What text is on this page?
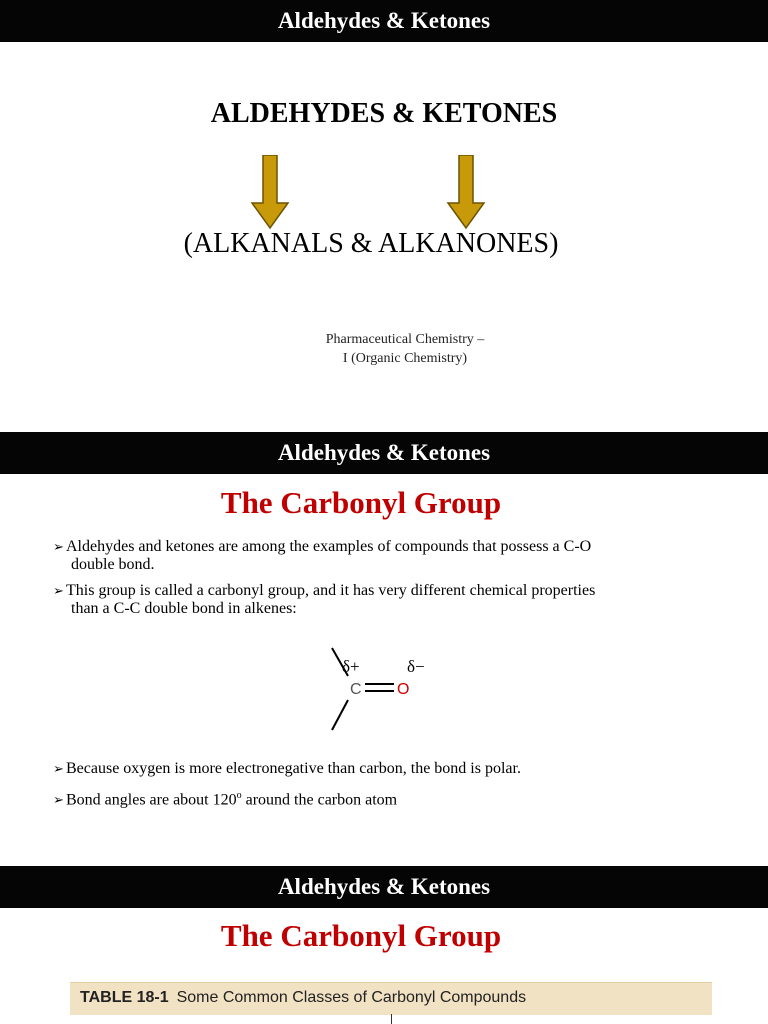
Aldehydes & Ketones
ALDEHYDES & KETONES
(ALKANALS & ALKANONES)
Pharmaceutical Chemistry –
I (Organic Chemistry)
Aldehydes & Ketones
The Carbonyl Group
➢ Aldehydes and ketones are among the examples of compounds that possess a C-O
double bond.
➢ This group is called a carbonyl group, and it has very different chemical properties
than a C-C double bond in alkenes:
δ+	δ−
C O
➢ Because oxygen is more electronegative than carbon, the bond is polar.
➢ Bond angles are about 120$^o$ around the carbon atom
Aldehydes & Ketones
The Carbonyl Group
TABLE 18-1 Some Common Classes of Carbonyl Compounds
